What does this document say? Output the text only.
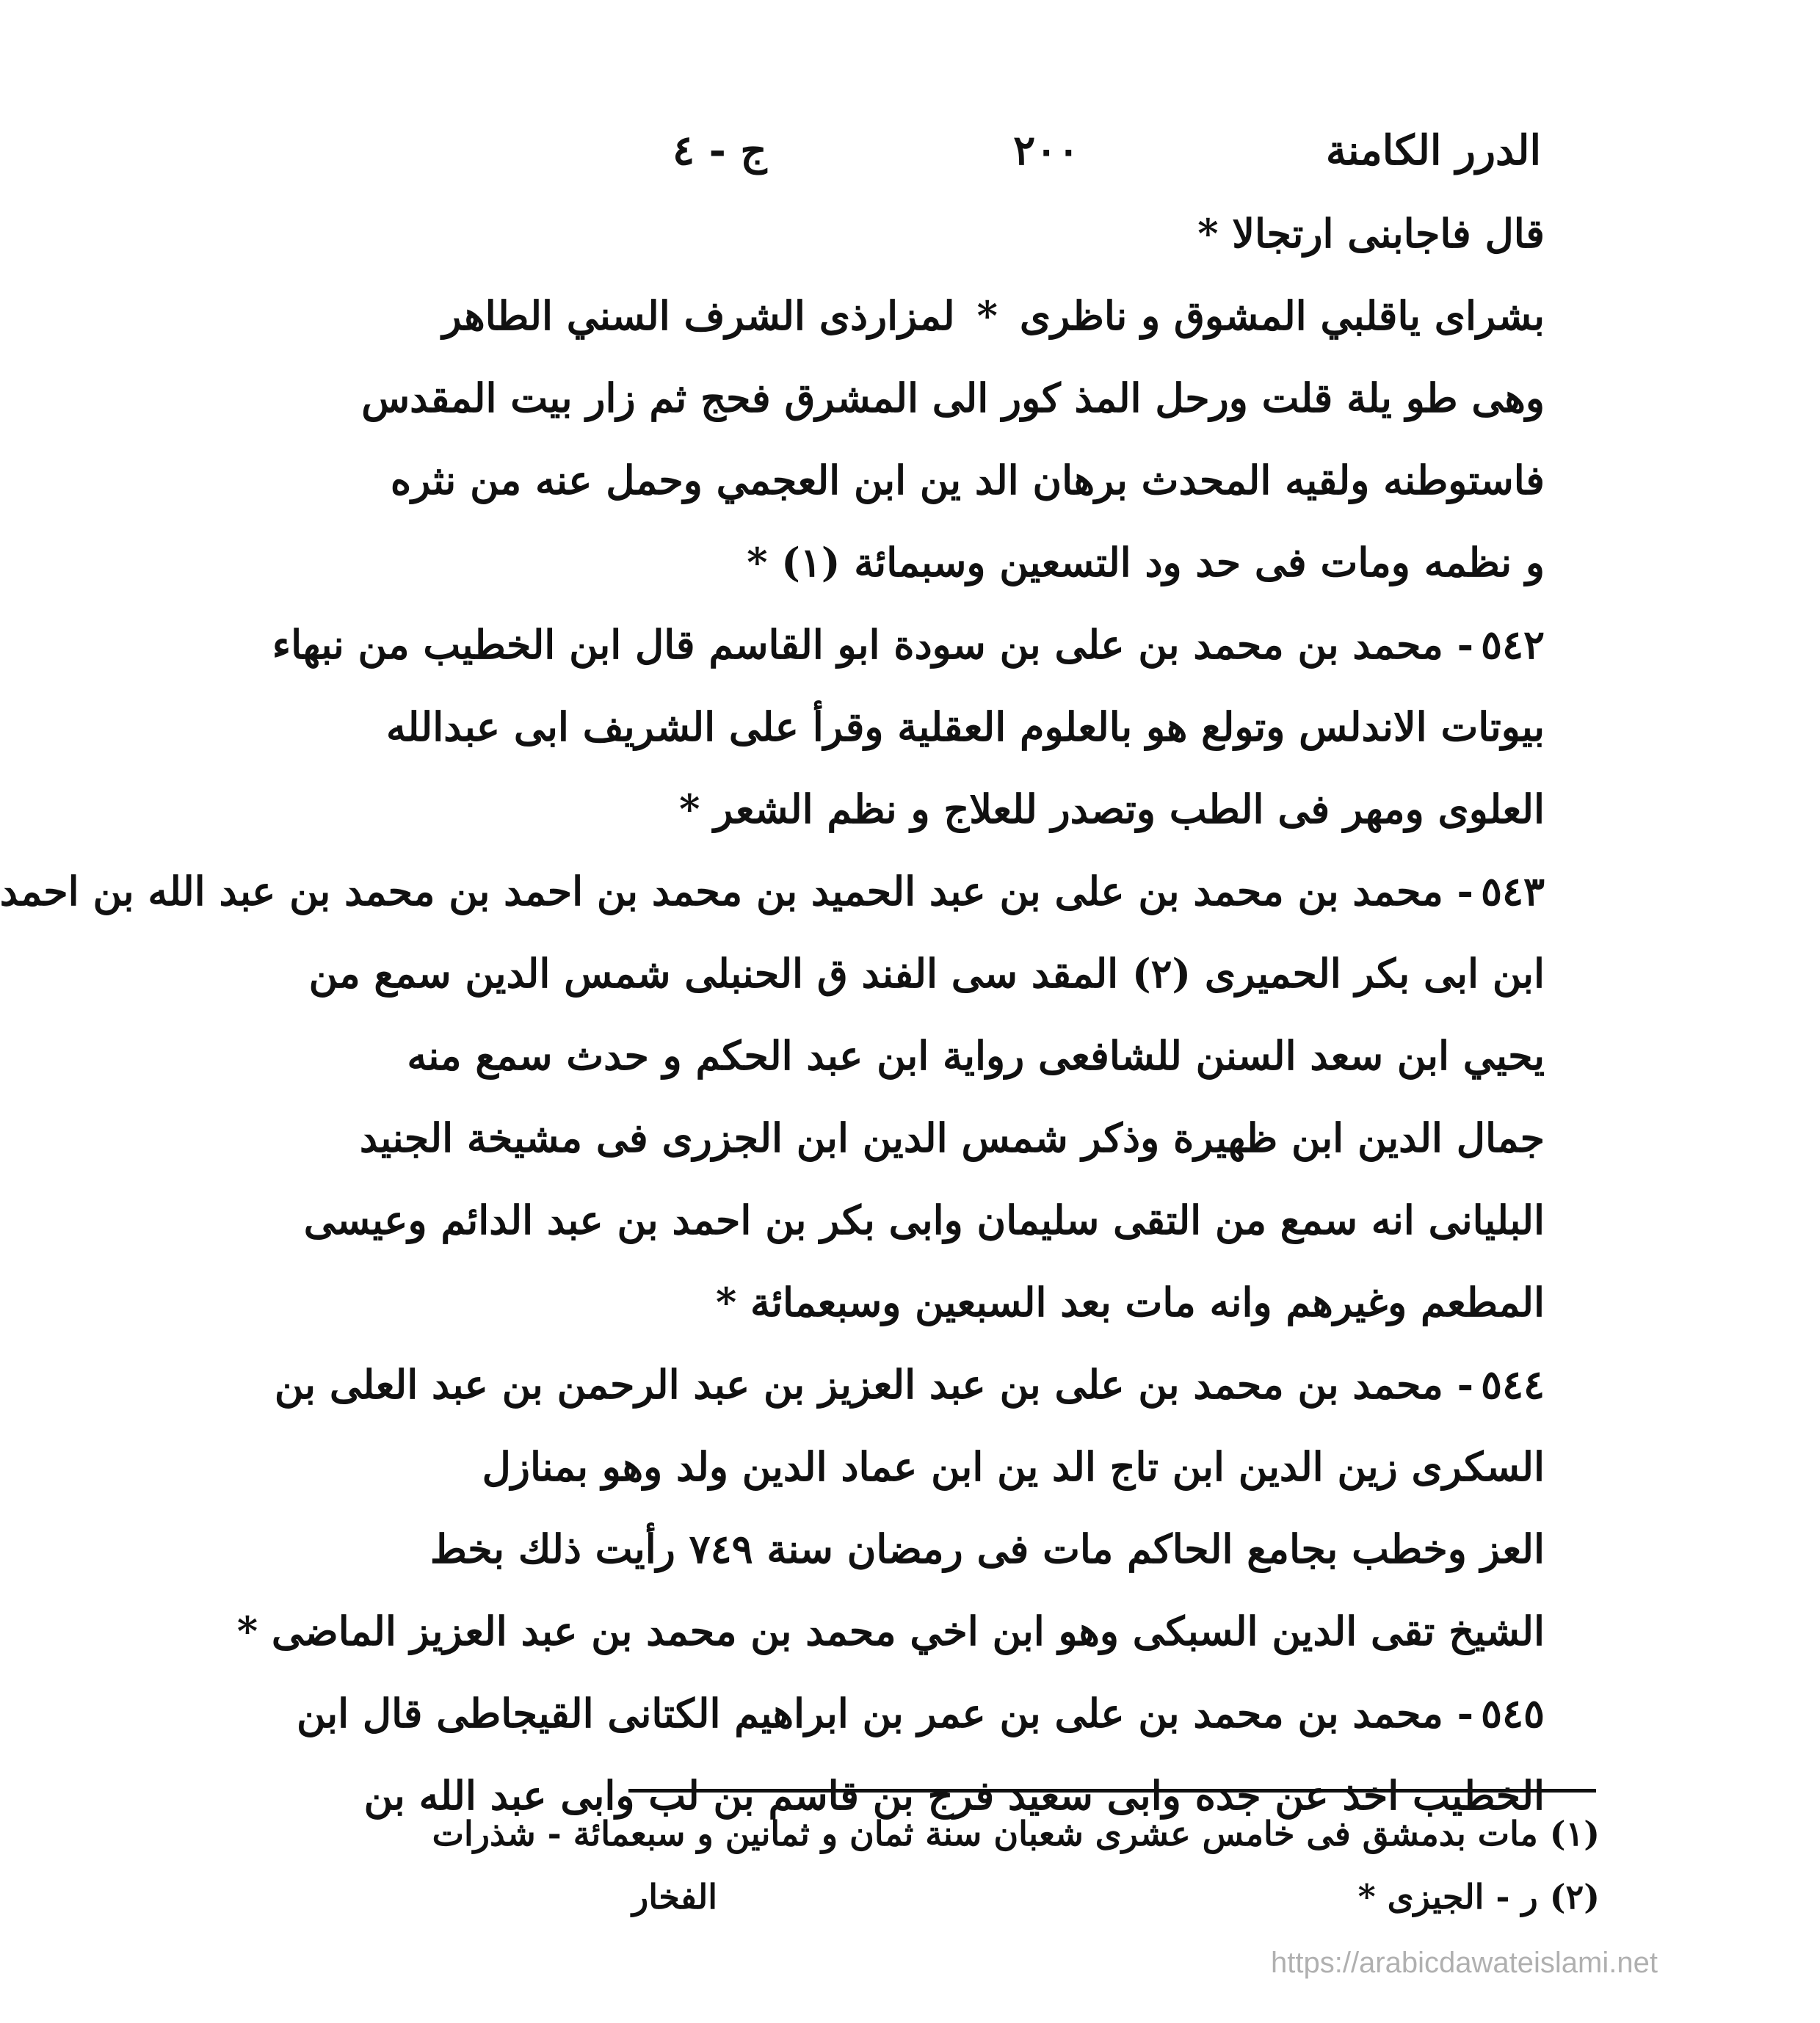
الدرر الكامنة
٢٠٠
ج - ٤
قال فاجابنى ارتجالا *
بشراى ياقلبي المشوق و ناظرى
*
لمزارذى الشرف السني الطاهر
وهى طو يلة قلت ورحل المذ كور الى المشرق فحج ثم زار بيت المقدس
فاستوطنه ولقيه المحدث برهان الد ين ابن العجمي وحمل عنه من نثره
و نظمه ومات فى حد ود التسعين وسبمائة (١) *
٥٤٢- محمد بن محمد بن على بن سودة ابو القاسم قال ابن الخطيب من نبهاء
بيوتات الاندلس وتولع هو بالعلوم العقلية وقرأ على الشريف ابى عبدالله
العلوى ومهر فى الطب وتصدر للعلاج و نظم الشعر *
٥٤٣- محمد بن محمد بن على بن عبد الحميد بن محمد بن احمد بن محمد بن عبد الله بن احمد
ابن ابى بكر الحميرى (٢) المقد سى الفند ق الحنبلى شمس الدين سمع من
يحيي ابن سعد السنن للشافعى رواية ابن عبد الحكم و حدث سمع منه
جمال الدين ابن ظهيرة وذكر شمس الدين ابن الجزرى فى مشيخة الجنيد
البليانى انه سمع من التقى سليمان وابى بكر بن احمد بن عبد الدائم وعيسى
المطعم وغيرهم وانه مات بعد السبعين وسبعمائة *
٥٤٤- محمد بن محمد بن على بن عبد العزيز بن عبد الرحمن بن عبد العلى بن
السكرى زين الدين ابن تاج الد ين ابن عماد الدين ولد وهو بمنازل
العز وخطب بجامع الحاكم مات فى رمضان سنة ٧٤٩ رأيت ذلك بخط
الشيخ تقى الدين السبكى وهو ابن اخي محمد بن محمد بن عبد العزيز الماضى *
٥٤٥- محمد بن محمد بن على بن عمر بن ابراهيم الكتانى القيجاطى قال ابن
الخطيب اخذ عن جده وابى سعيد فرج بن قاسم بن لب وابى عبد الله بن
(١) مات بدمشق فى خامس عشرى شعبان سنة ثمان و ثمانين و سبعمائة - شذرات
(٢) ر - الجيزى *
الفخار
https://arabicdawateislami.net
